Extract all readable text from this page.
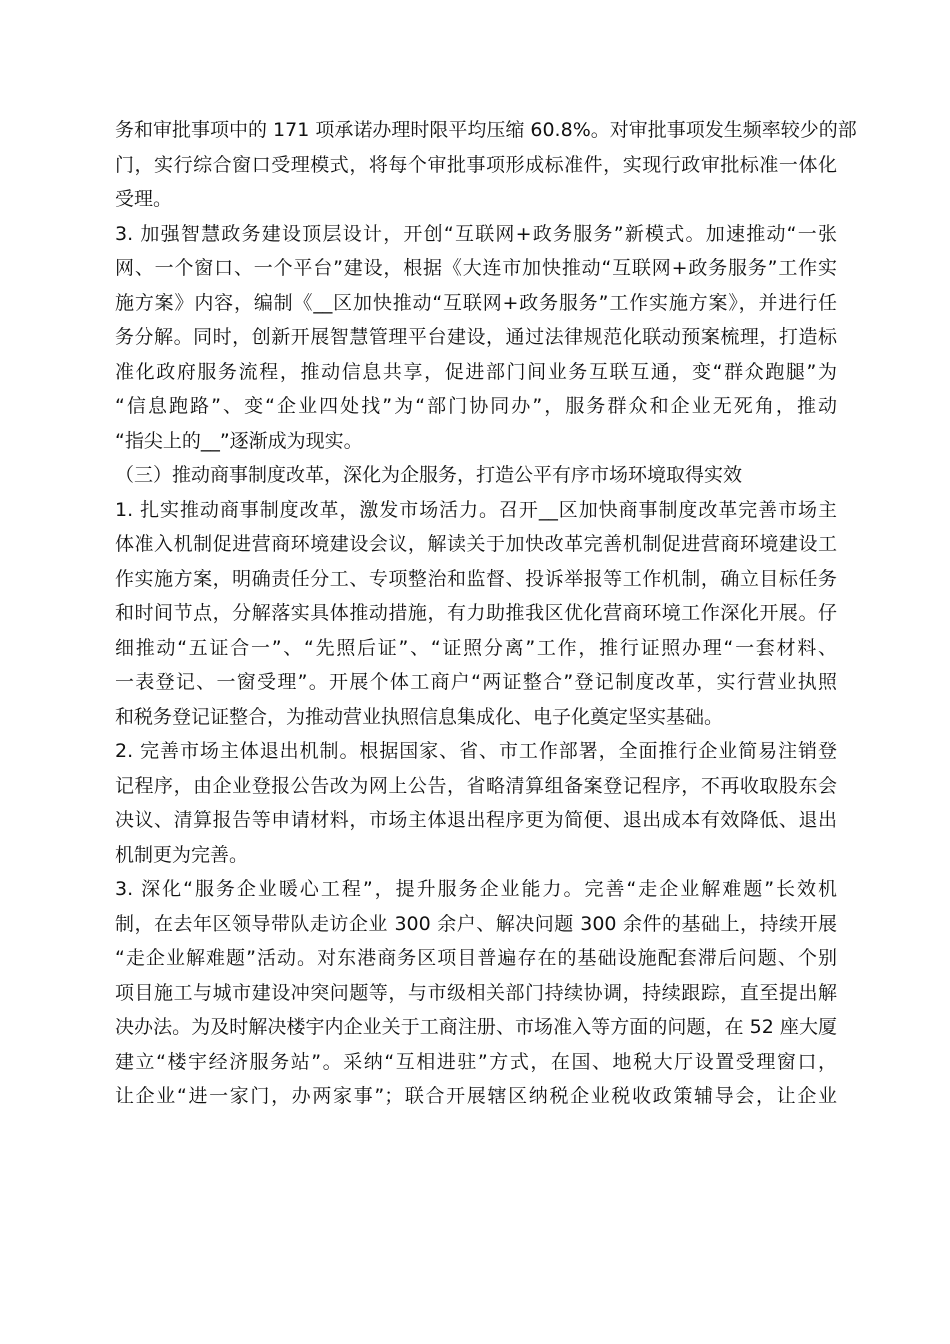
务和审批事项中的 171 项承诺办理时限平均压缩 60.8%。对审批事项发生频率较少的部
门，实行综合窗口受理模式，将每个审批事项形成标准件，实现行政审批标准一体化
受理。
3. 加强智慧政务建设顶层设计，开创“互联网+政务服务”新模式。加速推动“一张
网、一个窗口、一个平台”建设，根据《大连市加快推动“互联网+政务服务”工作实
施方案》内容，编制《__区加快推动“互联网+政务服务”工作实施方案》，并进行任
务分解。同时，创新开展智慧管理平台建设，通过法律规范化联动预案梳理，打造标
准化政府服务流程，推动信息共享，促进部门间业务互联互通，变“群众跑腿”为
“信息跑路”、变“企业四处找”为“部门协同办”，服务群众和企业无死角，推动
“指尖上的__”逐渐成为现实。
（三）推动商事制度改革，深化为企服务，打造公平有序市场环境取得实效
1. 扎实推动商事制度改革，激发市场活力。召开__区加快商事制度改革完善市场主
体准入机制促进营商环境建设会议，解读关于加快改革完善机制促进营商环境建设工
作实施方案，明确责任分工、专项整治和监督、投诉举报等工作机制，确立目标任务
和时间节点，分解落实具体推动措施，有力助推我区优化营商环境工作深化开展。仔
细推动“五证合一”、“先照后证”、“证照分离”工作，推行证照办理“一套材料、
一表登记、一窗受理”。开展个体工商户“两证整合”登记制度改革，实行营业执照
和税务登记证整合，为推动营业执照信息集成化、电子化奠定坚实基础。
2. 完善市场主体退出机制。根据国家、省、市工作部署，全面推行企业简易注销登
记程序，由企业登报公告改为网上公告，省略清算组备案登记程序，不再收取股东会
决议、清算报告等申请材料，市场主体退出程序更为简便、退出成本有效降低、退出
机制更为完善。
3. 深化“服务企业暖心工程”，提升服务企业能力。完善“走企业解难题”长效机
制，在去年区领导带队走访企业 300 余户、解决问题 300 余件的基础上，持续开展
“走企业解难题”活动。对东港商务区项目普遍存在的基础设施配套滞后问题、个别
项目施工与城市建设冲突问题等，与市级相关部门持续协调，持续跟踪，直至提出解
决办法。为及时解决楼宇内企业关于工商注册、市场准入等方面的问题，在 52 座大厦
建立“楼宇经济服务站”。采纳“互相进驻”方式，在国、地税大厅设置受理窗口，
让企业“进一家门，办两家事”；联合开展辖区纳税企业税收政策辅导会，让企业
